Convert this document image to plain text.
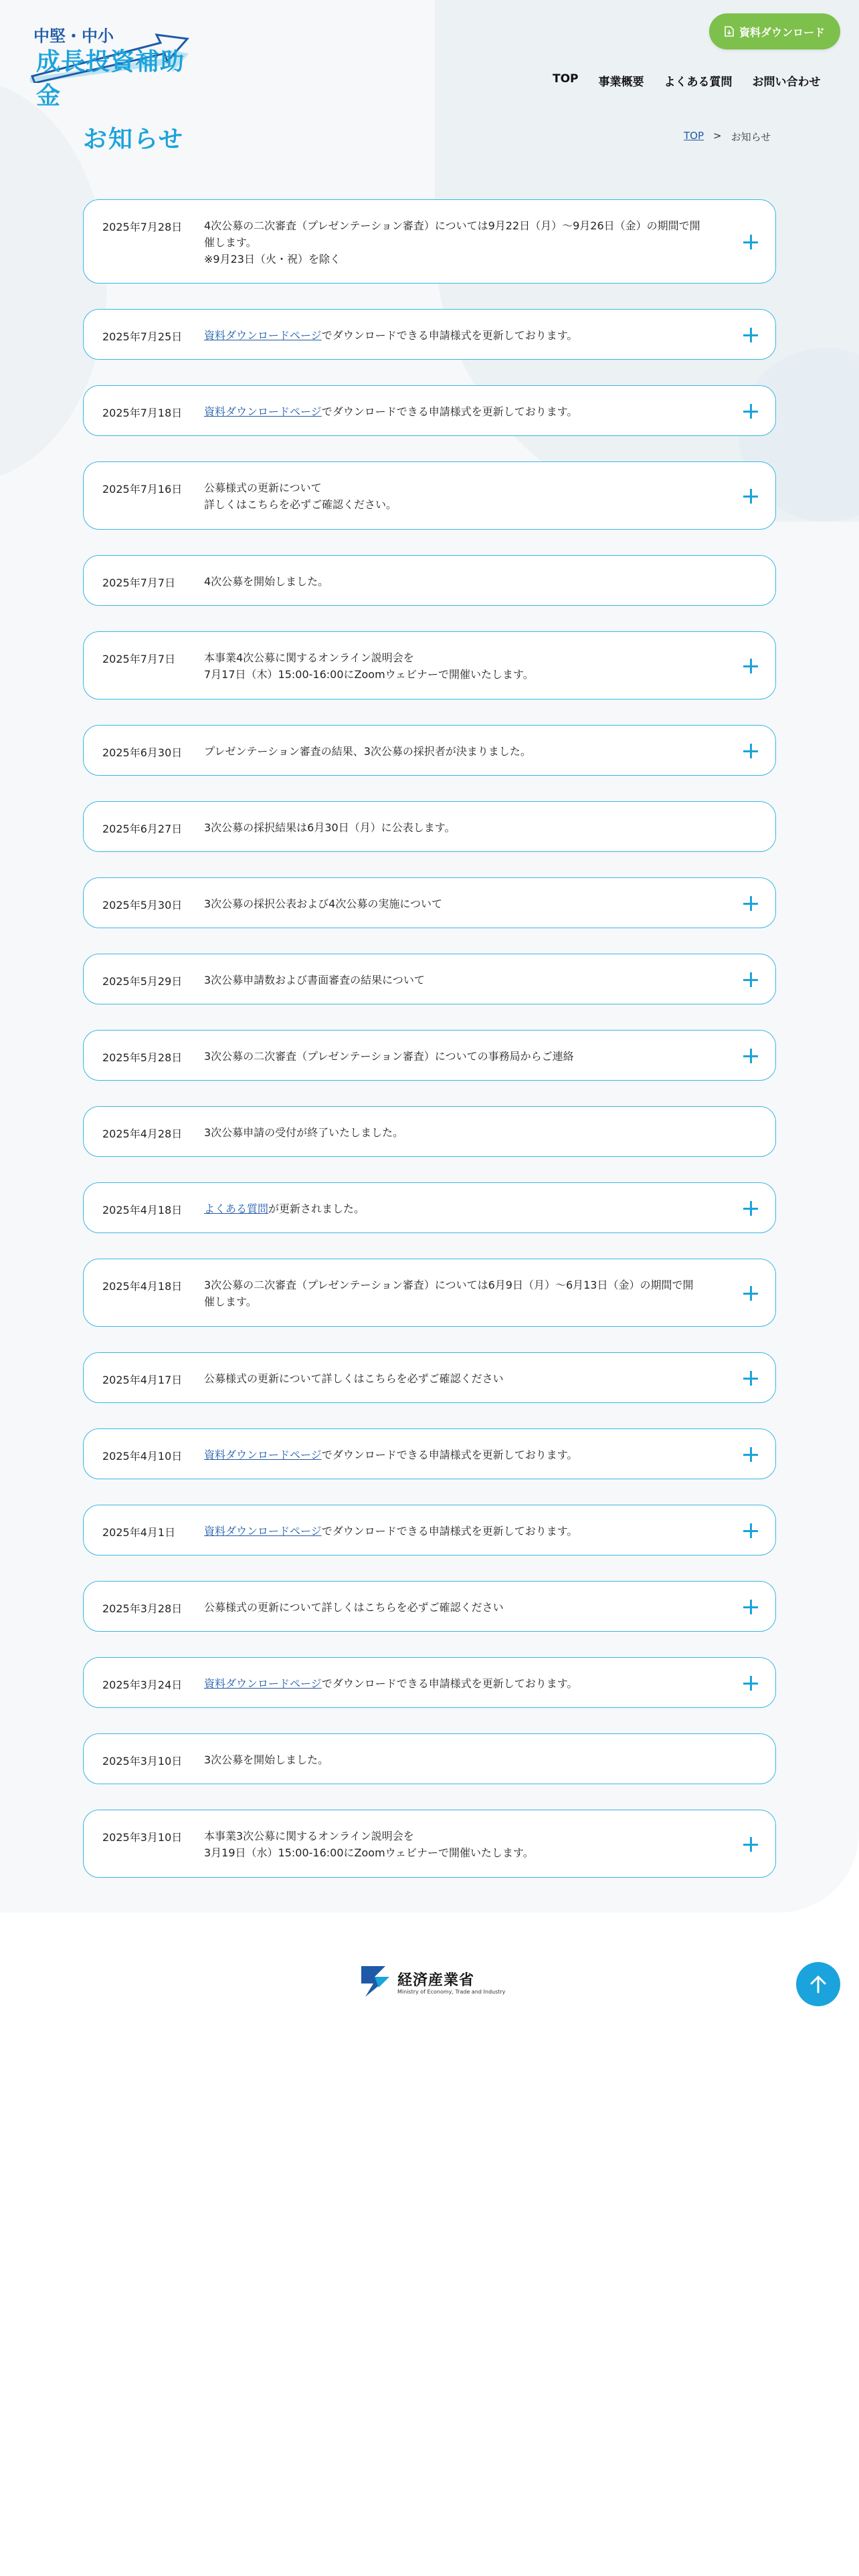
中堅・中小
成長投資補助金
資料ダウンロード
TOP 事業概要 よくある質問 お問い合わせ
お知らせ	TOP > お知らせ
2025年7月28日 4次公募の二次審査（プレゼンテーション審査）については9月22日（月）〜9月26日（金）の期間で開
催します。
※9月23日（火・祝）を除く
2025年7月25日 資料ダウンロードページでダウンロードできる申請様式を更新しております。
2025年7月18日 資料ダウンロードページでダウンロードできる申請様式を更新しております。
2025年7月16日 公募様式の更新について
詳しくはこちらを必ずご確認ください。
2025年7月7日	4次公募を開始しました。
2025年7月7日	本事業4次公募に関するオンライン説明会を
7月17日（木）15:00-16:00にZoomウェビナーで開催いたします。
2025年6月30日 プレゼンテーション審査の結果、3次公募の採択者が決まりました。
2025年6月27日 3次公募の採択結果は6月30日（月）に公表します。
2025年5月30日 3次公募の採択公表および4次公募の実施について
2025年5月29日 3次公募申請数および書面審査の結果について
2025年5月28日 3次公募の二次審査（プレゼンテーション審査）についての事務局からご連絡
2025年4月28日 3次公募申請の受付が終了いたしました。
2025年4月18日 よくある質問が更新されました。
2025年4月18日 3次公募の二次審査（プレゼンテーション審査）については6月9日（月）〜6月13日（金）の期間で開
催します。
2025年4月17日 公募様式の更新について詳しくはこちらを必ずご確認ください
2025年4月10日 資料ダウンロードページでダウンロードできる申請様式を更新しております。
2025年4月1日	資料ダウンロードページでダウンロードできる申請様式を更新しております。
2025年3月28日 公募様式の更新について詳しくはこちらを必ずご確認ください
2025年3月24日 資料ダウンロードページでダウンロードできる申請様式を更新しております。
2025年3月10日 3次公募を開始しました。
2025年3月10日 本事業3次公募に関するオンライン説明会を
3月19日（水）15:00-16:00にZoomウェビナーで開催いたします。
経済産業省
Ministry of Economy, Trade and Industry
